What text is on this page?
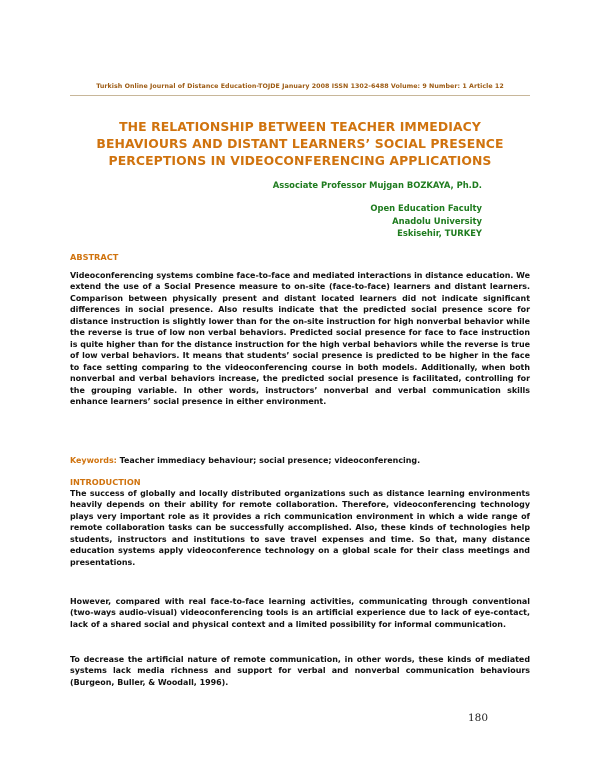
Turkish Online Journal of Distance Education-TOJDE January 2008 ISSN 1302-6488 Volume: 9 Number: 1 Article 12
THE RELATIONSHIP BETWEEN TEACHER IMMEDIACY BEHAVIOURS AND DISTANT LEARNERS’ SOCIAL PRESENCE PERCEPTIONS IN VIDEOCONFERENCING APPLICATIONS
Associate Professor Mujgan BOZKAYA, Ph.D.
Open Education Faculty
Anadolu University
Eskisehir, TURKEY
ABSTRACT
Videoconferencing systems combine face-to-face and mediated interactions in distance education. We extend the use of a Social Presence measure to on-site (face-to-face) learners and distant learners. Comparison between physically present and distant located learners did not indicate significant differences in social presence. Also results indicate that the predicted social presence score for distance instruction is slightly lower than for the on-site instruction for high nonverbal behavior while the reverse is true of low non verbal behaviors. Predicted social presence for face to face instruction is quite higher than for the distance instruction for the high verbal behaviors while the reverse is true of low verbal behaviors. It means that students’ social presence is predicted to be higher in the face to face setting comparing to the videoconferencing course in both models. Additionally, when both nonverbal and verbal behaviors increase, the predicted social presence is facilitated, controlling for the grouping variable. In other words, instructors’ nonverbal and verbal communication skills enhance learners’ social presence in either environment.
Keywords: Teacher immediacy behaviour; social presence; videoconferencing.
INTRODUCTION
The success of globally and locally distributed organizations such as distance learning environments heavily depends on their ability for remote collaboration. Therefore, videoconferencing technology plays very important role as it provides a rich communication environment in which a wide range of remote collaboration tasks can be successfully accomplished. Also, these kinds of technologies help students, instructors and institutions to save travel expenses and time. So that, many distance education systems apply videoconference technology on a global scale for their class meetings and presentations.
However, compared with real face-to-face learning activities, communicating through conventional (two-ways audio-visual) videoconferencing tools is an artificial experience due to lack of eye-contact, lack of a shared social and physical context and a limited possibility for informal communication.
To decrease the artificial nature of remote communication, in other words, these kinds of mediated systems lack media richness and support for verbal and nonverbal communication behaviours (Burgeon, Buller, & Woodall, 1996).
180
